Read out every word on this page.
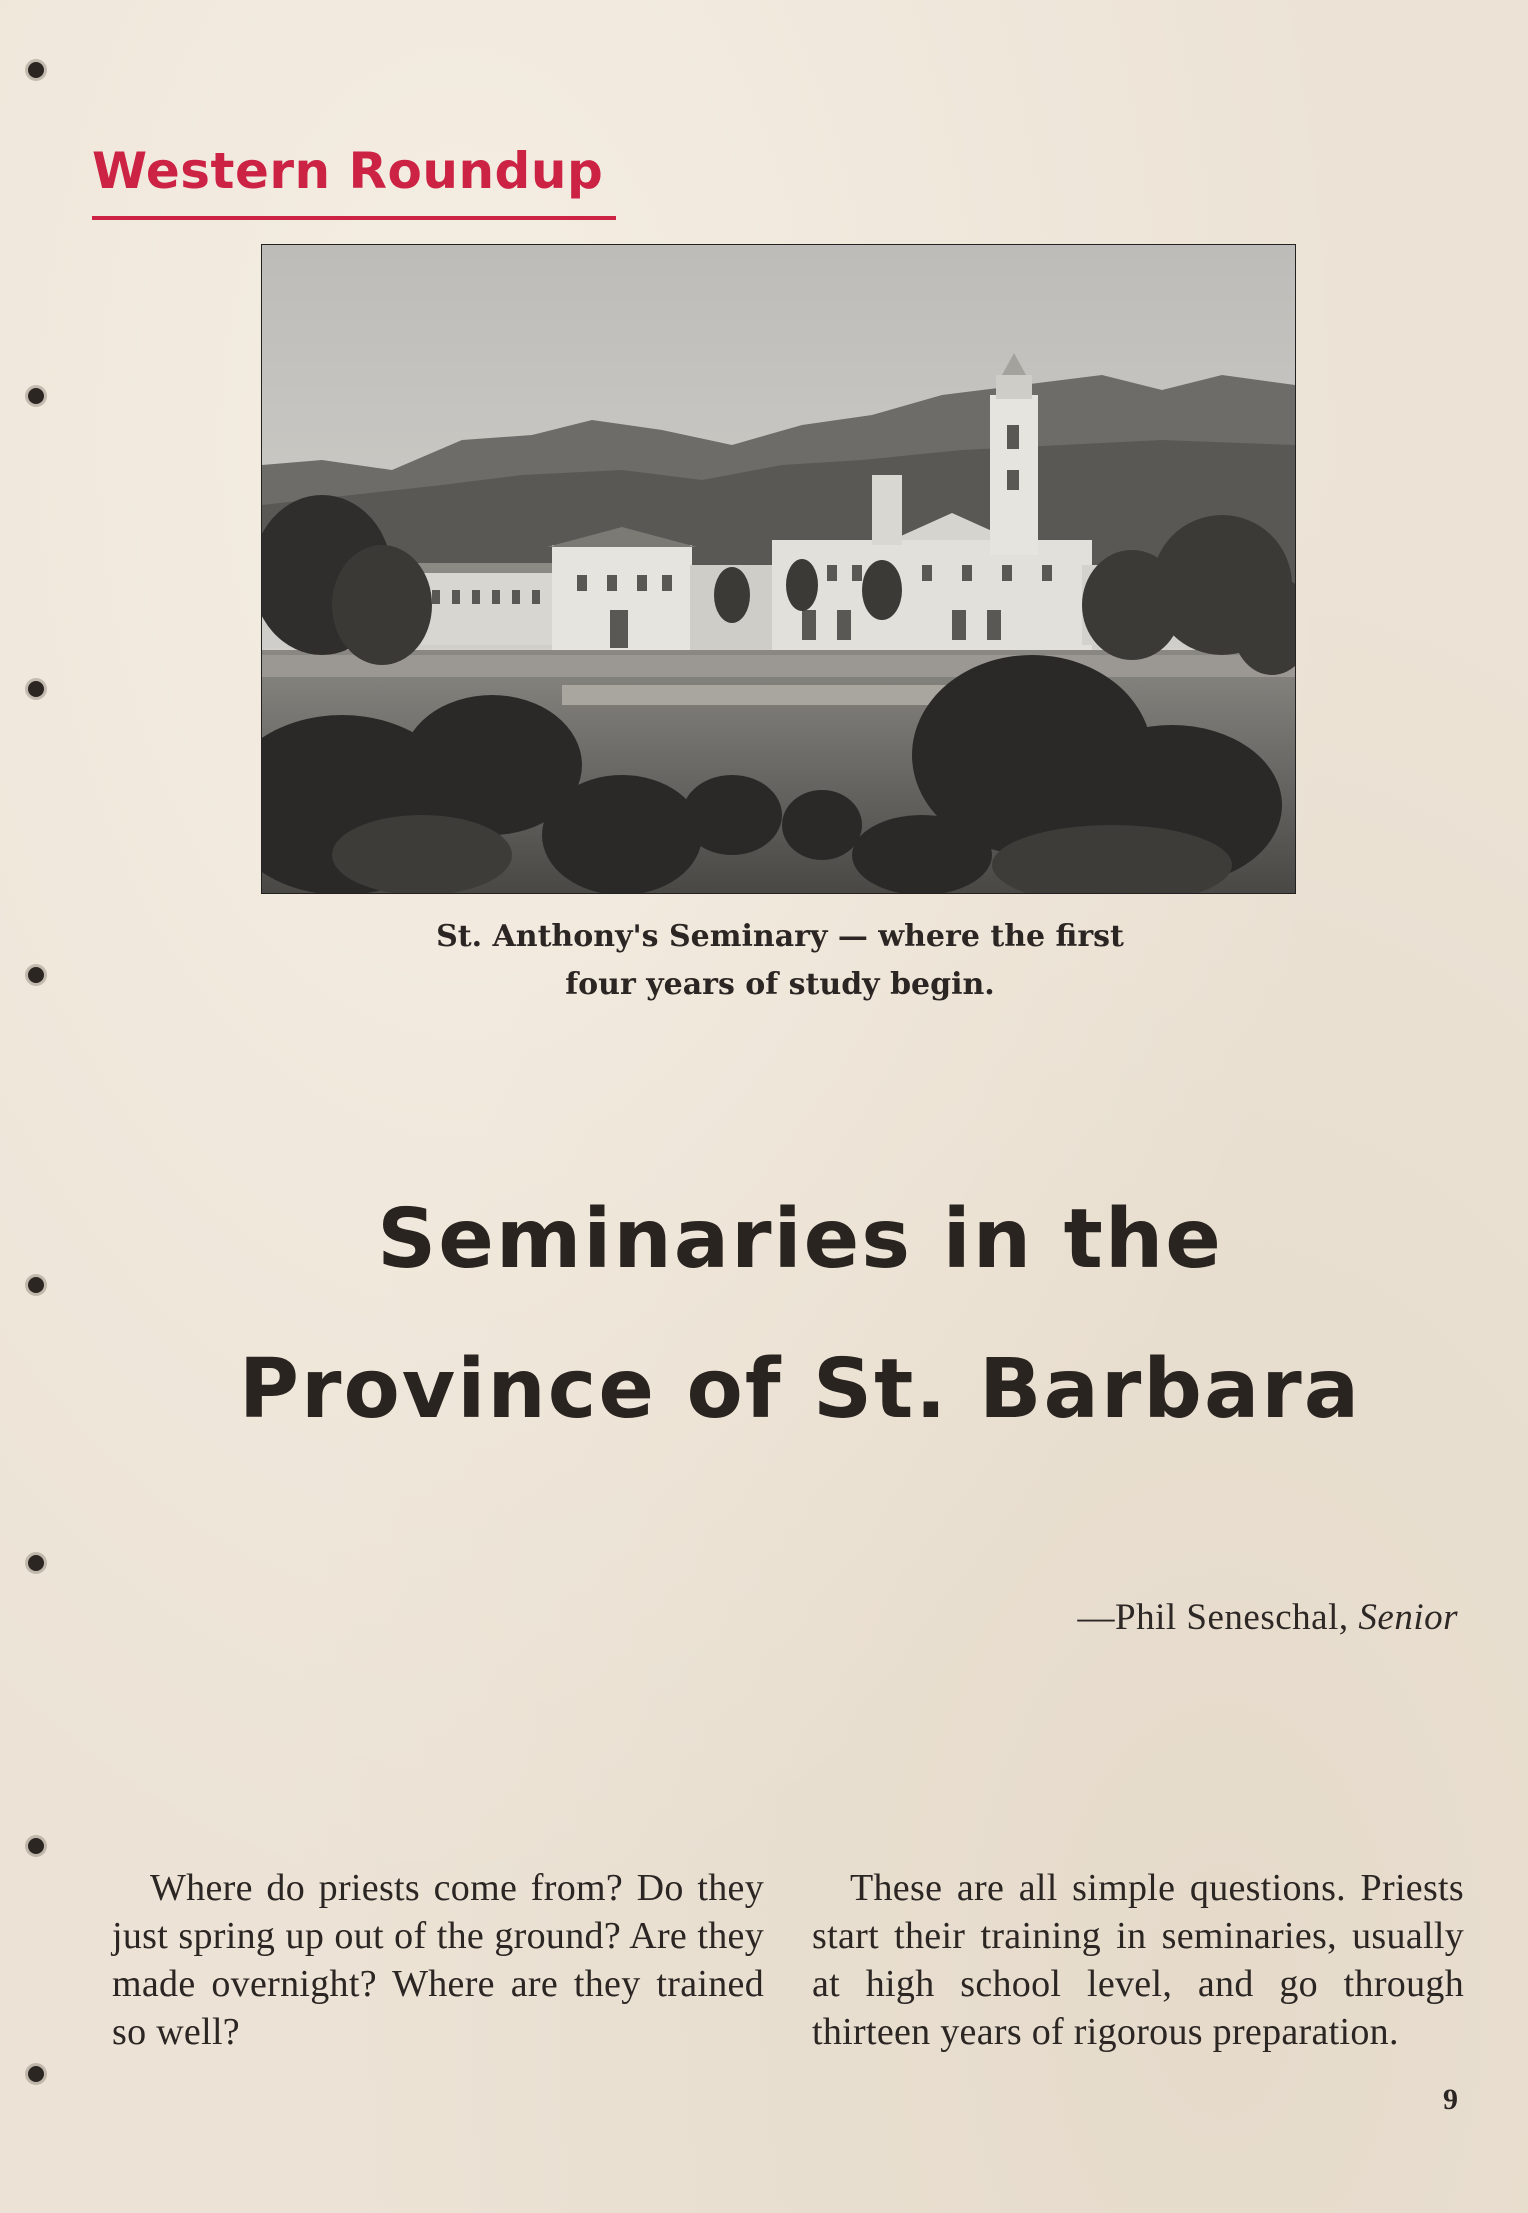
Western Roundup
St. Anthony's Seminary — where the first
four years of study begin.
Seminaries in the
Province of St. Barbara
—Phil Seneschal, Senior

Where do priests come from? Do they just spring up out of the ground? Are they made overnight? Where are they trained so well?

These are all simple questions. Priests start their training in seminaries, usually at high school level, and go through thirteen years of rigorous preparation.

9
